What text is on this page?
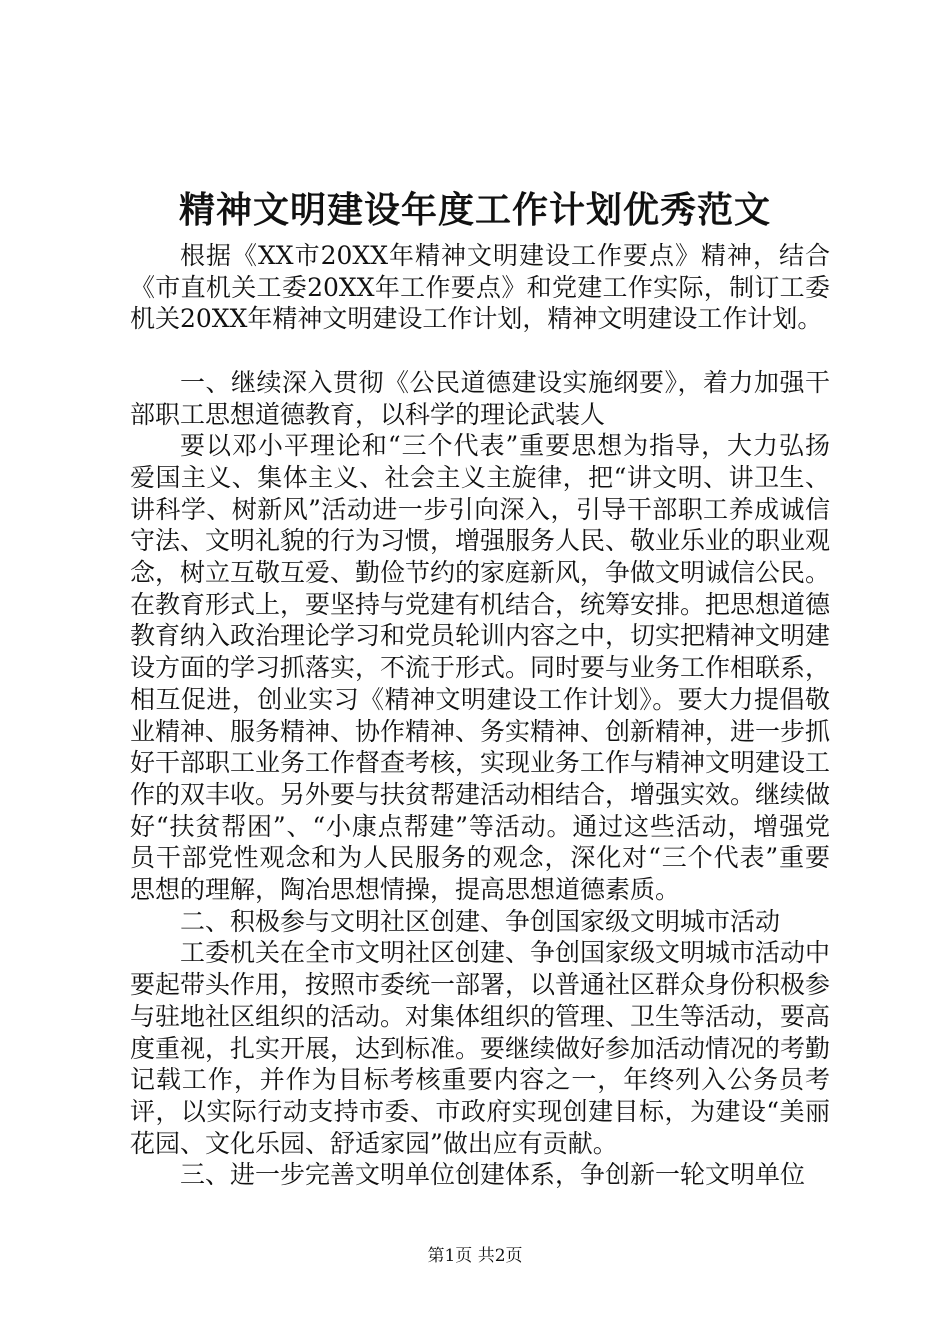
精神文明建设年度工作计划优秀范文

根据《XX市20XX年精神文明建设工作要点》精神，结合《市直机关工委20XX年工作要点》和党建工作实际，制订工委机关20XX年精神文明建设工作计划，精神文明建设工作计划。

一、继续深入贯彻《公民道德建设实施纲要》，着力加强干部职工思想道德教育，以科学的理论武装人

要以邓小平理论和“三个代表”重要思想为指导，大力弘扬爱国主义、集体主义、社会主义主旋律，把“讲文明、讲卫生、讲科学、树新风”活动进一步引向深入，引导干部职工养成诚信守法、文明礼貌的行为习惯，增强服务人民、敬业乐业的职业观念，树立互敬互爱、勤俭节约的家庭新风，争做文明诚信公民。在教育形式上，要坚持与党建有机结合，统筹安排。把思想道德教育纳入政治理论学习和党员轮训内容之中，切实把精神文明建设方面的学习抓落实，不流于形式。同时要与业务工作相联系，相互促进，创业实习《精神文明建设工作计划》。要大力提倡敬业精神、服务精神、协作精神、务实精神、创新精神，进一步抓好干部职工业务工作督查考核，实现业务工作与精神文明建设工作的双丰收。另外要与扶贫帮建活动相结合，增强实效。继续做好“扶贫帮困”、“小康点帮建”等活动。通过这些活动，增强党员干部党性观念和为人民服务的观念，深化对“三个代表”重要思想的理解，陶冶思想情操，提高思想道德素质。

二、积极参与文明社区创建、争创国家级文明城市活动

工委机关在全市文明社区创建、争创国家级文明城市活动中要起带头作用，按照市委统一部署，以普通社区群众身份积极参与驻地社区组织的活动。对集体组织的管理、卫生等活动，要高度重视，扎实开展，达到标准。要继续做好参加活动情况的考勤记载工作，并作为目标考核重要内容之一，年终列入公务员考评，以实际行动支持市委、市政府实现创建目标，为建设“美丽花园、文化乐园、舒适家园”做出应有贡献。

三、进一步完善文明单位创建体系，争创新一轮文明单位

第1页 共2页
